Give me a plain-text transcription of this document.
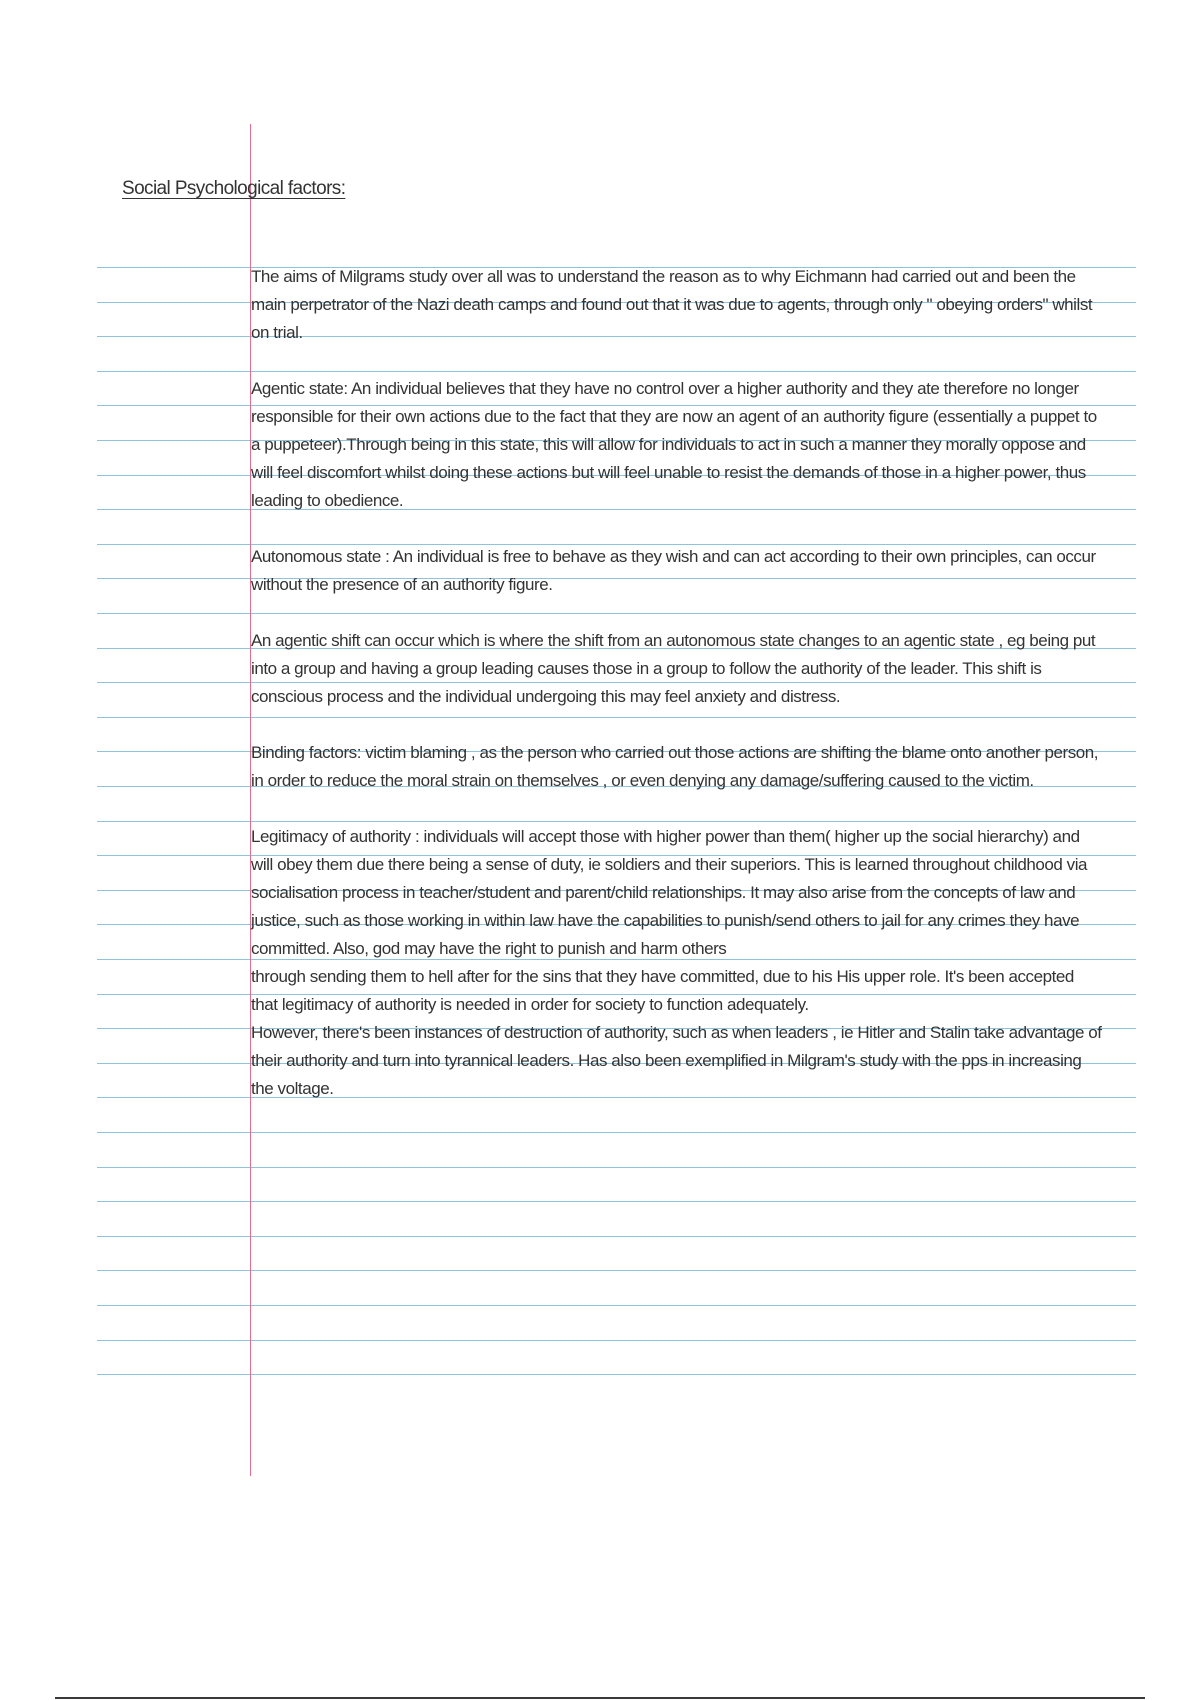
Social Psychological factors:

The aims of Milgrams study over all was to understand the reason as to why Eichmann had carried out and been the
main perpetrator of the Nazi death camps and found out that it was due to agents, through only " obeying orders" whilst
on trial.

Agentic state: An individual believes that they have no control over a higher authority and they ate therefore no longer
responsible for their own actions due to the fact that they are now an agent of an authority figure (essentially a puppet to
a puppeteer).Through being in this state, this will allow for individuals to act in such a manner they morally oppose and
will feel discomfort whilst doing these actions but will feel unable to resist the demands of those in a higher power, thus
leading to obedience.

Autonomous state : An individual is free to behave as they wish and can act according to their own principles, can occur
without the presence of an authority figure.

An agentic shift can occur which is where the shift from an autonomous state changes to an agentic state , eg being put
into a group and having a group leading causes those in a group to follow the authority of the leader. This shift is
conscious process and the individual undergoing this may feel anxiety and distress.

Binding factors: victim blaming , as the person who carried out those actions are shifting the blame onto another person,
in order to reduce the moral strain on themselves , or even denying any damage/suffering caused to the victim.

Legitimacy of authority : individuals will accept those with higher power than them( higher up the social hierarchy) and
will obey them due there being a sense of duty, ie soldiers and their superiors. This is learned throughout childhood via
socialisation process in teacher/student and parent/child relationships. It may also arise from the concepts of law and
justice, such as those working in within law have the capabilities to punish/send others to jail for any crimes they have
committed. Also, god may have the right to punish and harm others
through sending them to hell after for the sins that they have committed, due to his His upper role. It's been accepted
that legitimacy of authority is needed in order for society to function adequately.

However, there's been instances of destruction of authority, such as when leaders , ie Hitler and Stalin take advantage of
their authority and turn into tyrannical leaders. Has also been exemplified in Milgram's study with the pps in increasing
the voltage.
